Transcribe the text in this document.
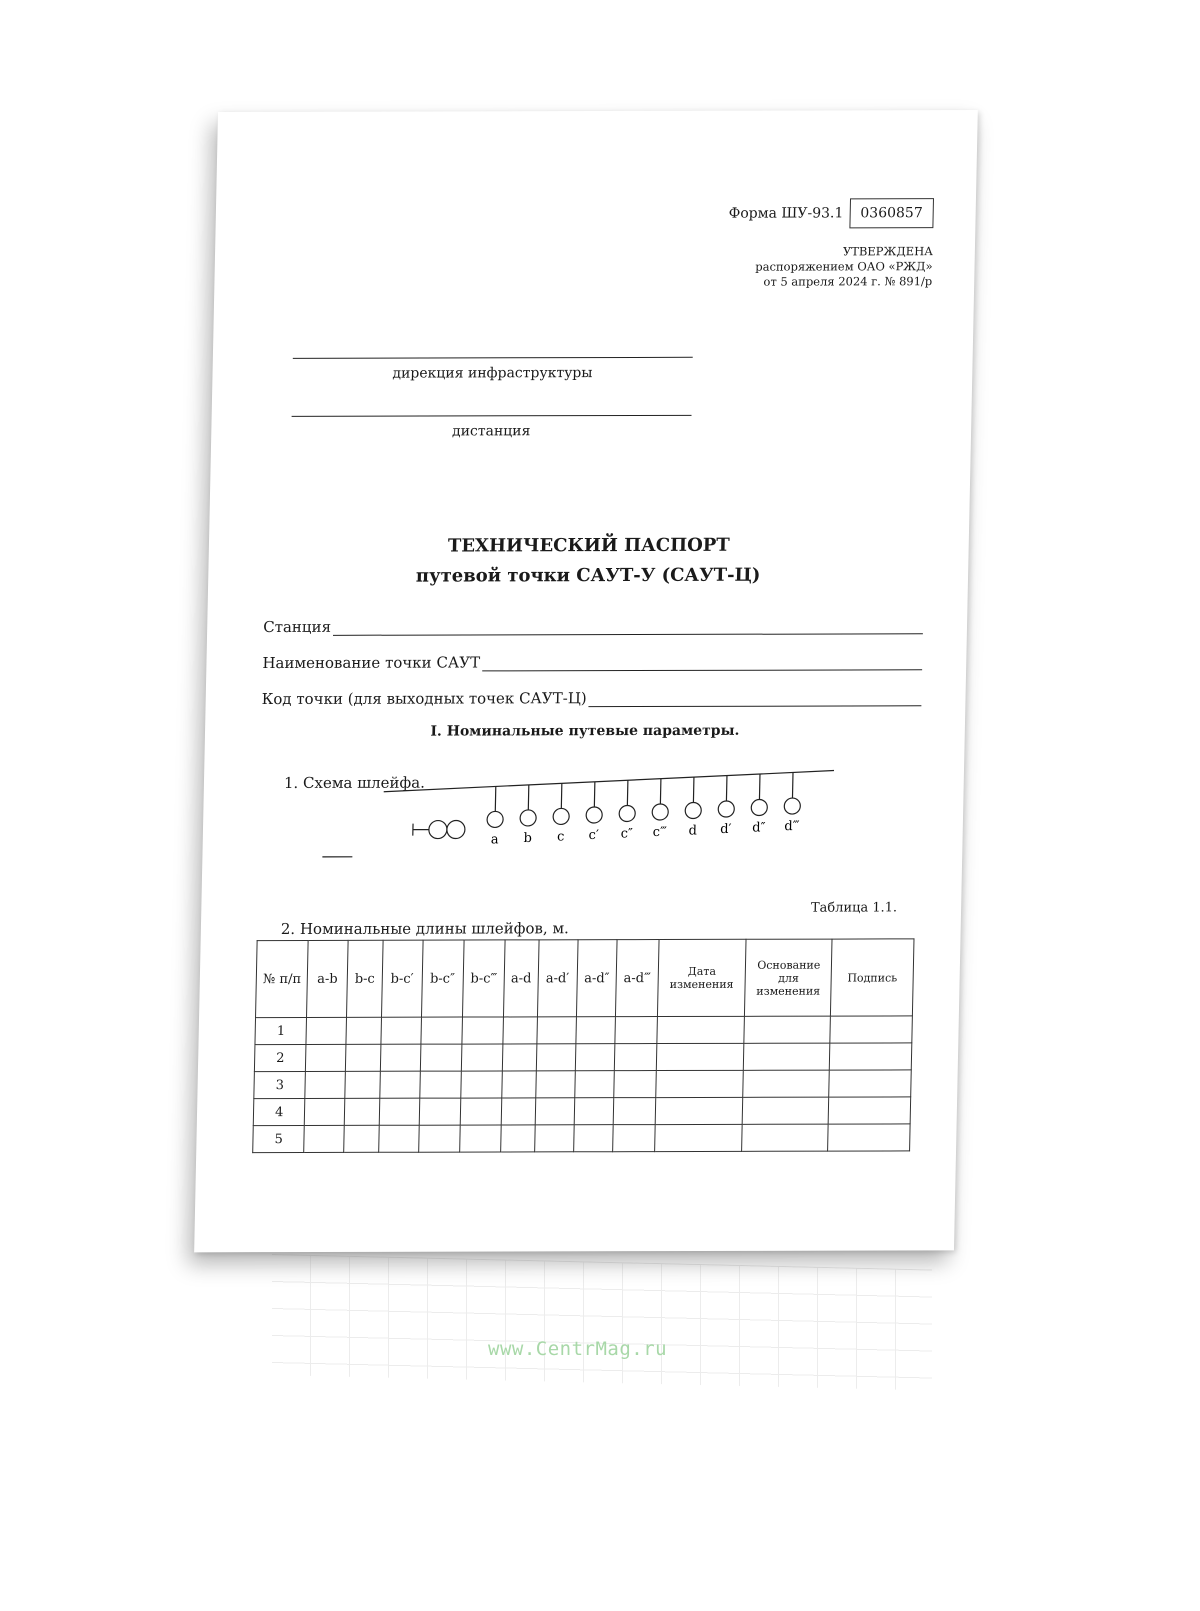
Форма ШУ-93.1	0360857
УТВЕРЖДЕНА
распоряжением ОАО «РЖД»
от 5 апреля 2024 г. № 891/р
дирекция инфраструктуры
дистанция
ТЕХНИЧЕСКИЙ ПАСПОРТ
путевой точки САУТ-У (САУТ-Ц)
Станция
Наименование точки САУТ
Код точки (для выходных точек САУТ-Ц)
I. Номинальные путевые параметры.
1. Схема шлейфа.
a b c c′ c″ c‴ d d′ d″ d‴
Таблица 1.1.
2. Номинальные длины шлейфов, м.
№ п/п	a-b	b-c	b-c′	b-c″	b-c‴	a-d	a-d′	a-d″	a-d‴	Дата изменения	Основание для изменения	Подпись
1												
2												
3												
4												
5												
www.CentrMag.ru
